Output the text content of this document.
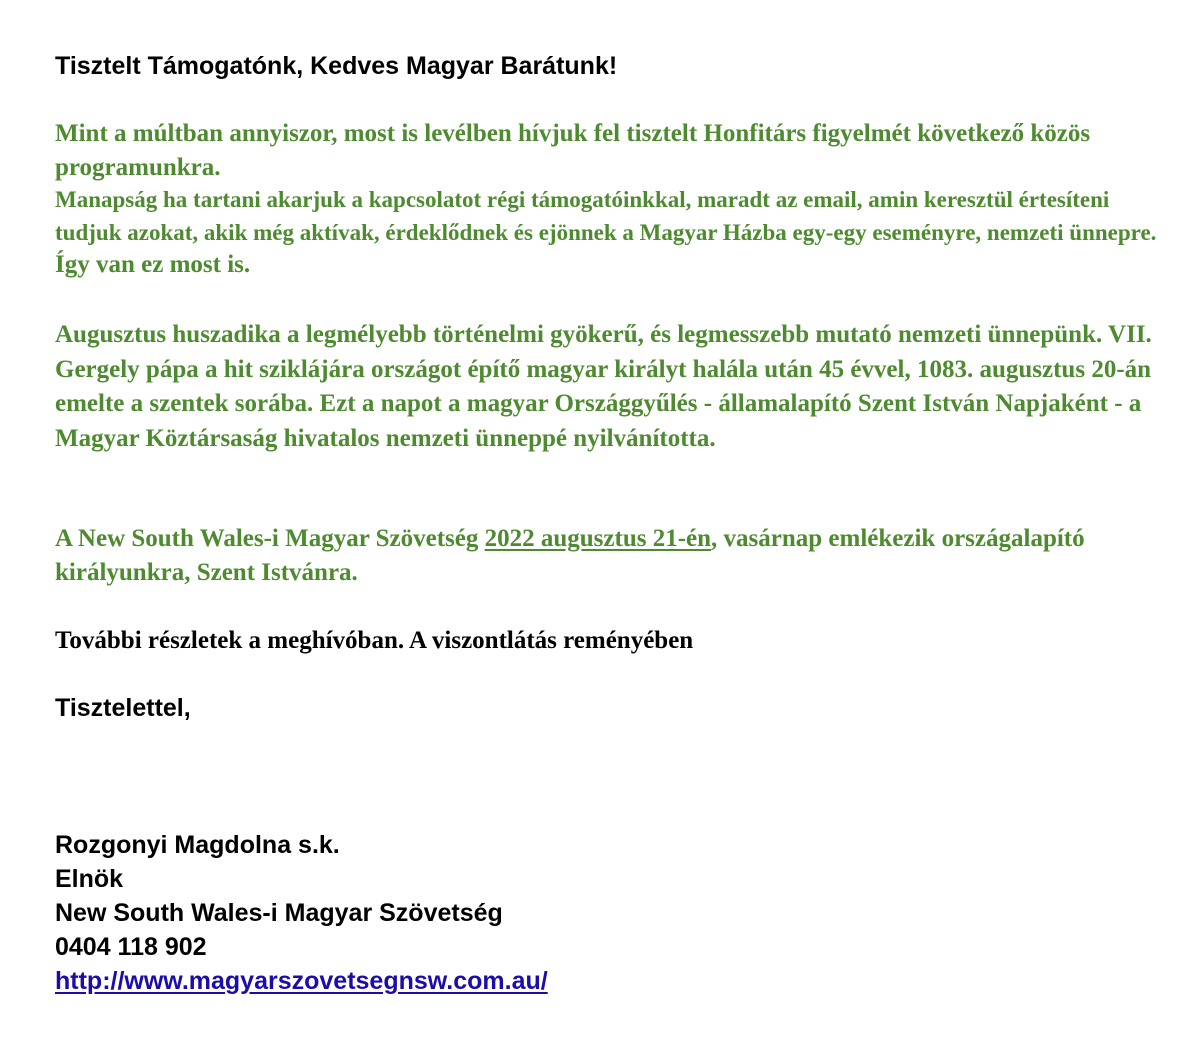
Tisztelt Támogatónk, Kedves Magyar Barátunk!

Mint a múltban annyiszor, most is levélben hívjuk fel tisztelt Honfitárs figyelmét következő közös programunkra.

Manapság ha tartani akarjuk a kapcsolatot régi támogatóinkkal, maradt az email, amin keresztül értesíteni tudjuk azokat, akik még aktívak, érdeklődnek és ejönnek a Magyar Házba egy-egy eseményre, nemzeti ünnepre. Így van ez most is.

Augusztus huszadika a legmélyebb történelmi gyökerű, és legmesszebb mutató nemzeti ünnepünk. VII. Gergely pápa a hit sziklájára országot építő magyar királyt halála után 45 évvel, 1083. augusztus 20-án emelte a szentek sorába. Ezt a napot a magyar Országgyűlés - államalapító Szent István Napjaként - a Magyar Köztársaság hivatalos nemzeti ünneppé nyilvánította.

A New South Wales-i Magyar Szövetség 2022 augusztus 21-én, vasárnap emlékezik országalapító királyunkra, Szent Istvánra.

További részletek a meghívóban. A viszontlátás reményében

Tisztelettel,
Rozgonyi Magdolna s.k.
Elnök
New South Wales-i Magyar Szövetség
0404 118 902
http://www.magyarszovetsegnsw.com.au/
